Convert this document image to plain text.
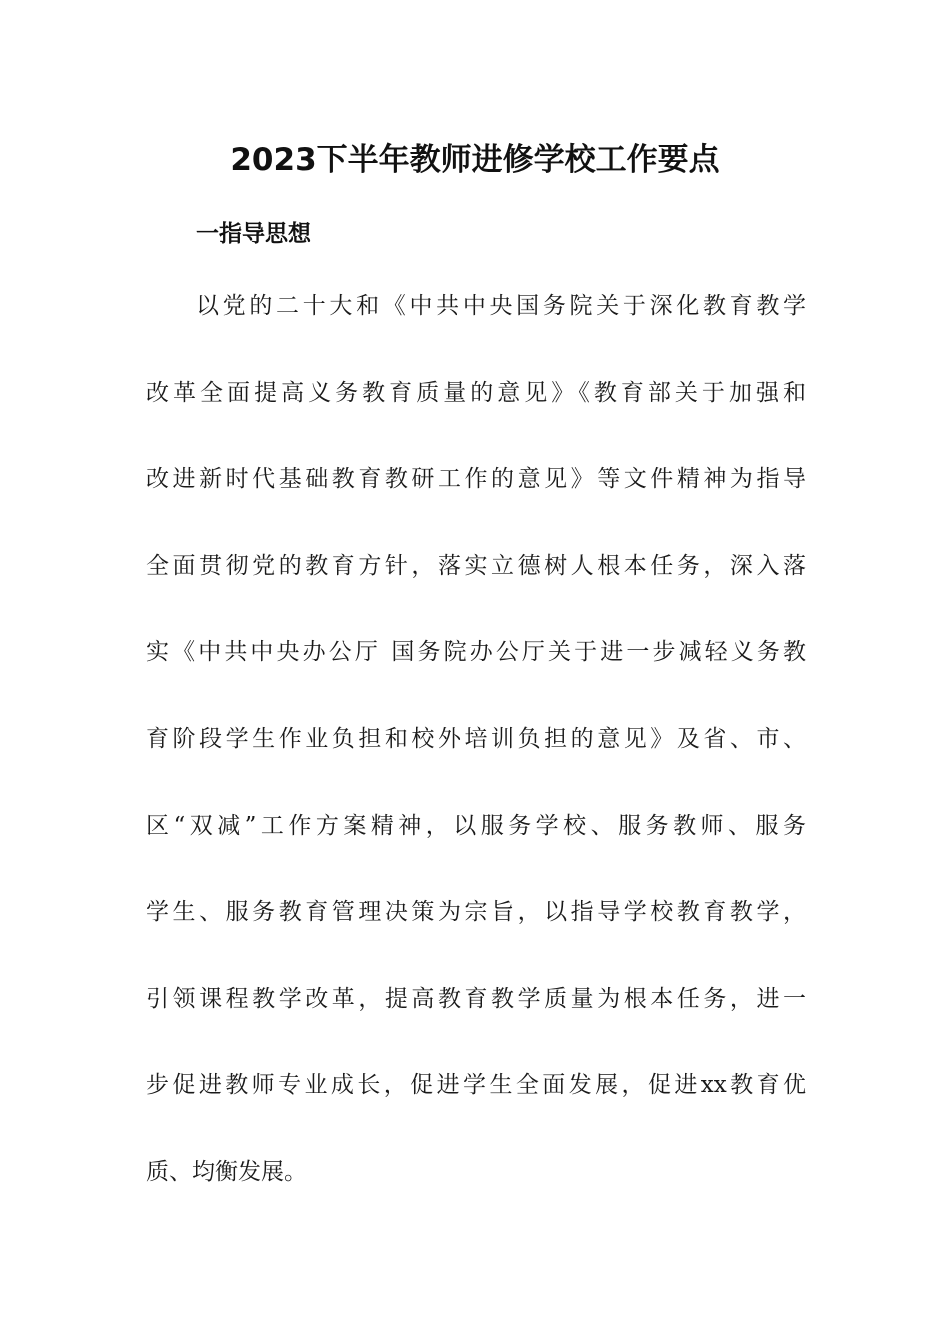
2023下半年教师进修学校工作要点
一指导思想
以党的二十大和《中共中央国务院关于深化教育教学
改革全面提高义务教育质量的意见》《教育部关于加强和
改进新时代基础教育教研工作的意见》等文件精神为指导
全面贯彻党的教育方针，落实立德树人根本任务，深入落
实《中共中央办公厅 国务院办公厅关于进一步减轻义务教
育阶段学生作业负担和校外培训负担的意见》及省、市、
区“双减”工作方案精神，以服务学校、服务教师、服务
学生、服务教育管理决策为宗旨，以指导学校教育教学，
引领课程教学改革，提高教育教学质量为根本任务，进一
步促进教师专业成长，促进学生全面发展，促进xx教育优
质、均衡发展。
